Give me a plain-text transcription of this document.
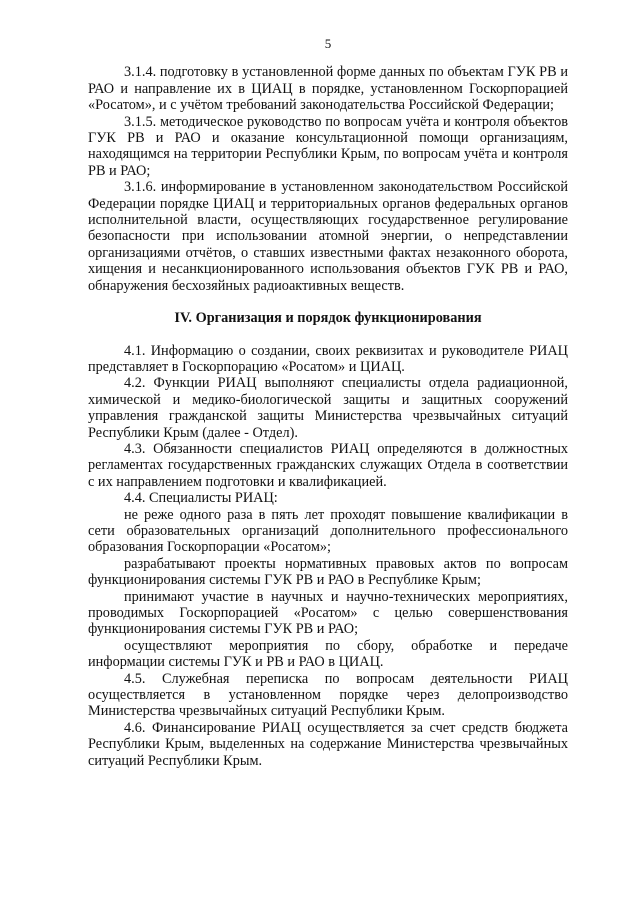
5

3.1.4. подготовку в установленной форме данных по объектам ГУК РВ и РАО и направление их в ЦИАЦ в порядке, установленном Госкорпорацией «Росатом», и с учётом требований законодательства Российской Федерации;

3.1.5. методическое руководство по вопросам учёта и контроля объектов ГУК РВ и РАО и оказание консультационной помощи организациям, находящимся на территории Республики Крым, по вопросам учёта и контроля РВ и РАО;

3.1.6. информирование в установленном законодательством Российской Федерации порядке ЦИАЦ и территориальных органов федеральных органов исполнительной власти, осуществляющих государственное регулирование безопасности при использовании атомной энергии, о непредставлении организациями отчётов, о ставших известными фактах незаконного оборота, хищения и несанкционированного использования объектов ГУК РВ и РАО, обнаружения бесхозяйных радиоактивных веществ.

IV. Организация и порядок функционирования

4.1. Информацию о создании, своих реквизитах и руководителе РИАЦ представляет в Госкорпорацию «Росатом» и ЦИАЦ.

4.2. Функции РИАЦ выполняют специалисты отдела радиационной, химической и медико-биологической защиты и защитных сооружений управления гражданской защиты Министерства чрезвычайных ситуаций Республики Крым (далее - Отдел).

4.3. Обязанности специалистов РИАЦ определяются в должностных регламентах государственных гражданских служащих Отдела в соответствии с их направлением подготовки и квалификацией.

4.4. Специалисты РИАЦ:

не реже одного раза в пять лет проходят повышение квалификации в сети образовательных организаций дополнительного профессионального образования Госкорпорации «Росатом»;

разрабатывают проекты нормативных правовых актов по вопросам функционирования системы ГУК РВ и РАО в Республике Крым;

принимают участие в научных и научно-технических мероприятиях, проводимых Госкорпорацией «Росатом» с целью совершенствования функционирования системы ГУК РВ и РАО;

осуществляют мероприятия по сбору, обработке и передаче информации системы ГУК и РВ и РАО в ЦИАЦ.

4.5. Служебная переписка по вопросам деятельности РИАЦ осуществляется в установленном порядке через делопроизводство Министерства чрезвычайных ситуаций Республики Крым.

4.6. Финансирование РИАЦ осуществляется за счет средств бюджета Республики Крым, выделенных на содержание Министерства чрезвычайных ситуаций Республики Крым.
